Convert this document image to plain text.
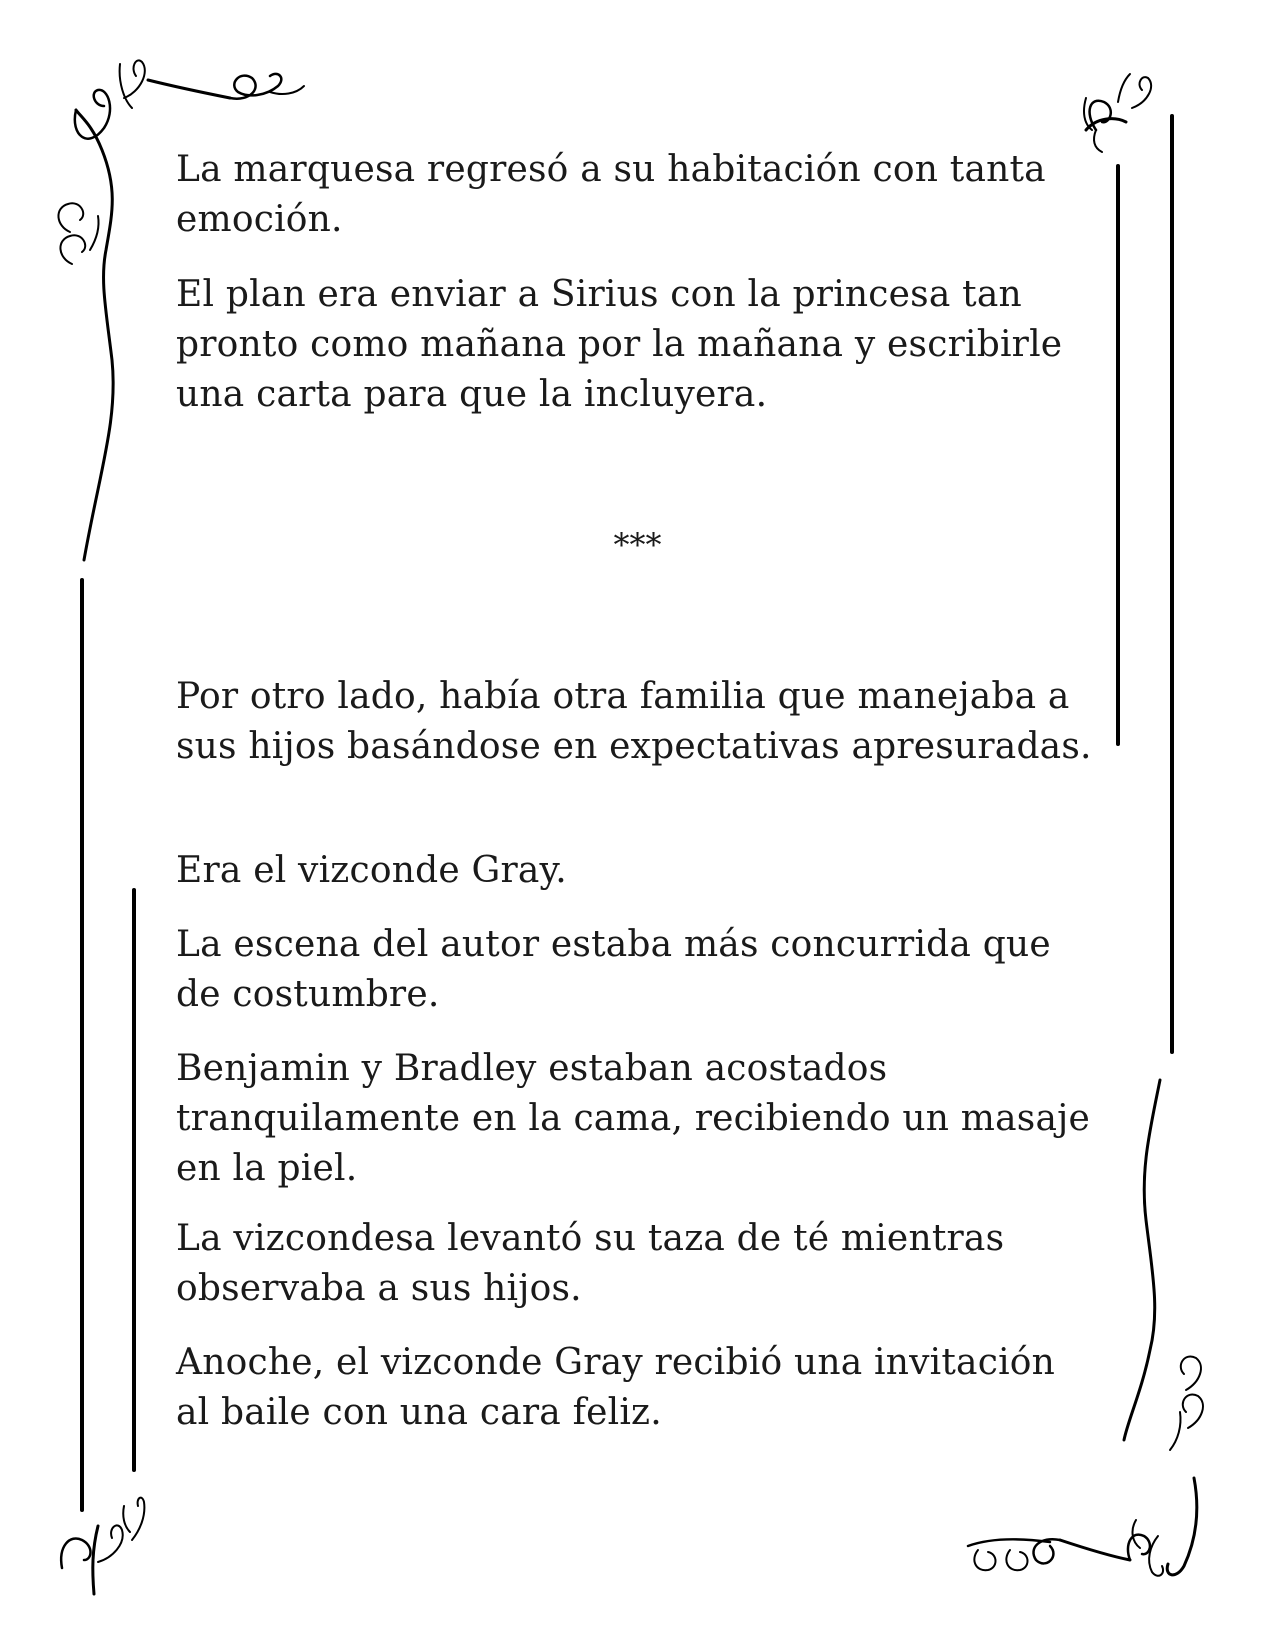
La marquesa regresó a su habitación con tanta emoción.

El plan era enviar a Sirius con la princesa tan pronto como mañana por la mañana y escribirle una carta para que la incluyera.

***

Por otro lado, había otra familia que manejaba a sus hijos basándose en expectativas apresuradas.

Era el vizconde Gray.

La escena del autor estaba más concurrida que de costumbre.

Benjamin y Bradley estaban acostados tranquilamente en la cama, recibiendo un masaje en la piel.

La vizcondesa levantó su taza de té mientras observaba a sus hijos.

Anoche, el vizconde Gray recibió una invitación al baile con una cara feliz.
